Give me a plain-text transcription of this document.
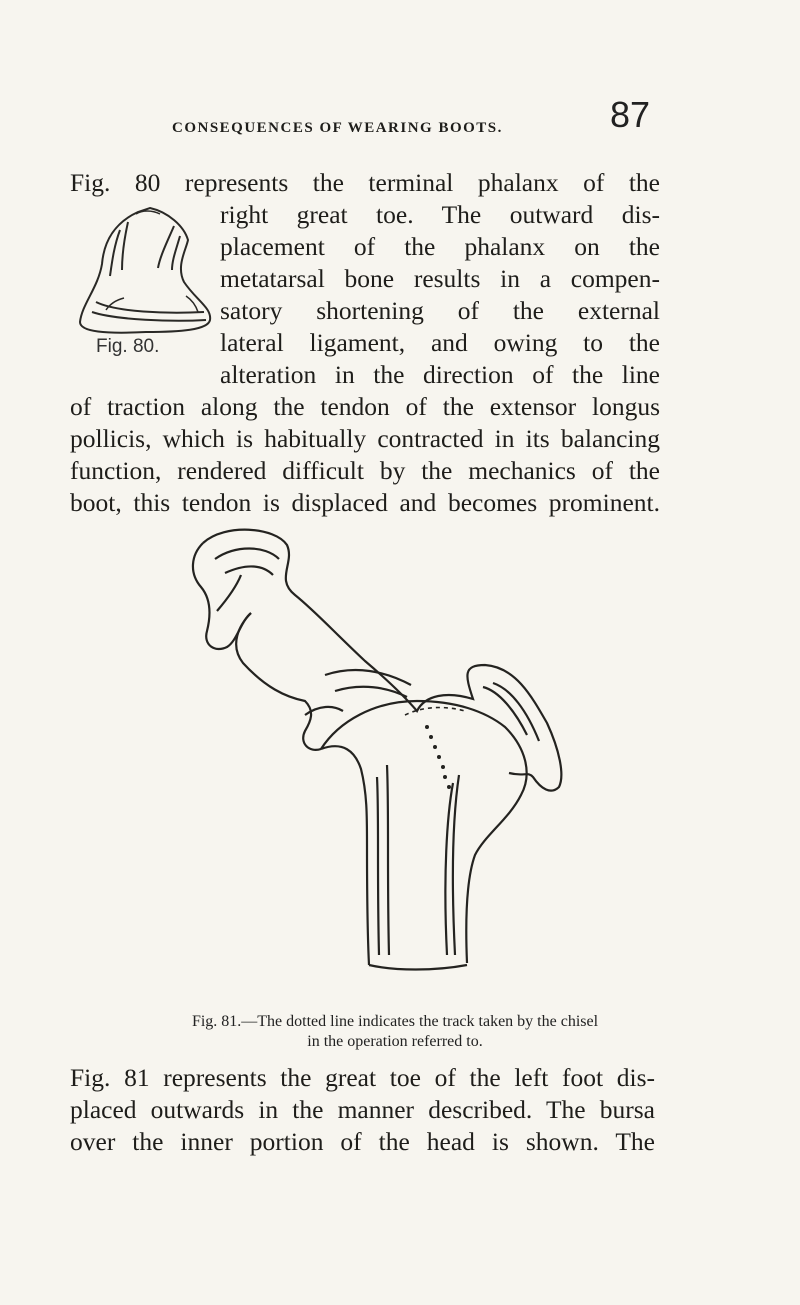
CONSEQUENCES OF WEARING BOOTS.	87
Fig. 80.
Fig. 80 represents the terminal phalanx of the
right great toe. The outward dis-
placement of the phalanx on the
metatarsal bone results in a compen-
satory shortening of the external
lateral ligament, and owing to the
alteration in the direction of the line
of traction along the tendon of the extensor longus
pollicis, which is habitually contracted in its balancing
function, rendered difficult by the mechanics of the
boot, this tendon is displaced and becomes prominent.
Fig. 81.—The dotted line indicates the track taken by the chisel
in the operation referred to.
Fig. 81 represents the great toe of the left foot dis-
placed outwards in the manner described. The bursa
over the inner portion of the head is shown. The
